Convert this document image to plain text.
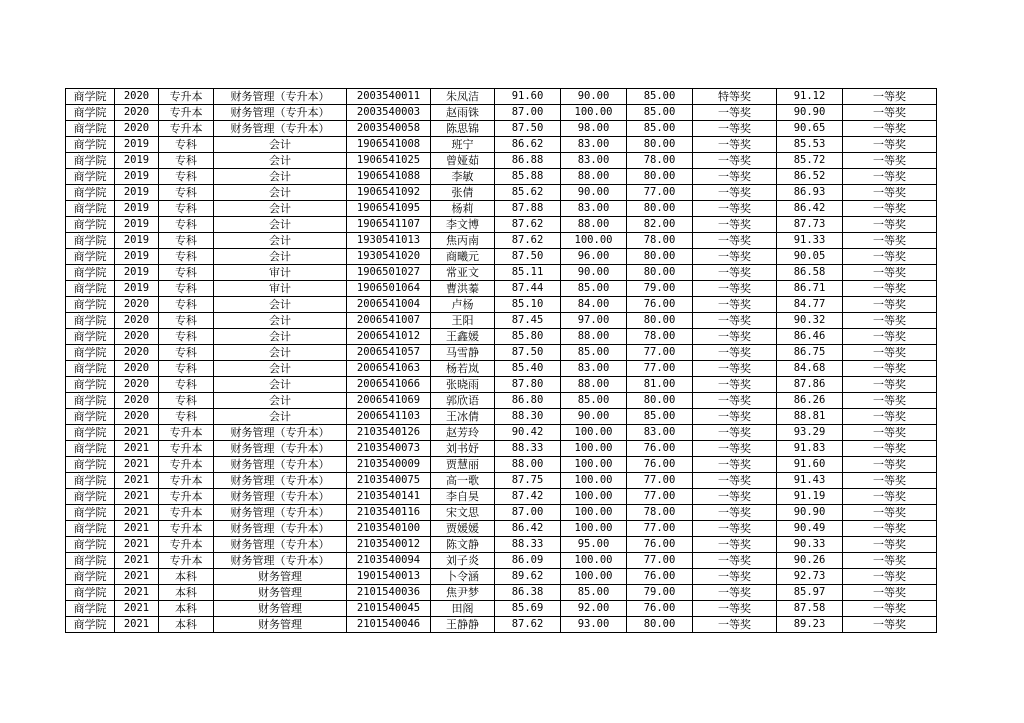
商学院	2020	专升本	财务管理（专升本）	2003540011	朱凤洁	91.60	90.00	85.00	特等奖	91.12	一等奖
商学院	2020	专升本	财务管理（专升本）	2003540003	赵雨铢	87.00	100.00	85.00	一等奖	90.90	一等奖
商学院	2020	专升本	财务管理（专升本）	2003540058	陈思锦	87.50	98.00	85.00	一等奖	90.65	一等奖
商学院	2019	专科	会计	1906541008	班宁	86.62	83.00	80.00	一等奖	85.53	一等奖
商学院	2019	专科	会计	1906541025	曾娅茹	86.88	83.00	78.00	一等奖	85.72	一等奖
商学院	2019	专科	会计	1906541088	李敏	85.88	88.00	80.00	一等奖	86.52	一等奖
商学院	2019	专科	会计	1906541092	张倩	85.62	90.00	77.00	一等奖	86.93	一等奖
商学院	2019	专科	会计	1906541095	杨莉	87.88	83.00	80.00	一等奖	86.42	一等奖
商学院	2019	专科	会计	1906541107	李文博	87.62	88.00	82.00	一等奖	87.73	一等奖
商学院	2019	专科	会计	1930541013	焦丙南	87.62	100.00	78.00	一等奖	91.33	一等奖
商学院	2019	专科	会计	1930541020	商曦元	87.50	96.00	80.00	一等奖	90.05	一等奖
商学院	2019	专科	审计	1906501027	常亚文	85.11	90.00	80.00	一等奖	86.58	一等奖
商学院	2019	专科	审计	1906501064	曹洪蓁	87.44	85.00	79.00	一等奖	86.71	一等奖
商学院	2020	专科	会计	2006541004	卢杨	85.10	84.00	76.00	一等奖	84.77	一等奖
商学院	2020	专科	会计	2006541007	王阳	87.45	97.00	80.00	一等奖	90.32	一等奖
商学院	2020	专科	会计	2006541012	王鑫媛	85.80	88.00	78.00	一等奖	86.46	一等奖
商学院	2020	专科	会计	2006541057	马雪静	87.50	85.00	77.00	一等奖	86.75	一等奖
商学院	2020	专科	会计	2006541063	杨若岚	85.40	83.00	77.00	一等奖	84.68	一等奖
商学院	2020	专科	会计	2006541066	张晓雨	87.80	88.00	81.00	一等奖	87.86	一等奖
商学院	2020	专科	会计	2006541069	郭欣语	86.80	85.00	80.00	一等奖	86.26	一等奖
商学院	2020	专科	会计	2006541103	王冰倩	88.30	90.00	85.00	一等奖	88.81	一等奖
商学院	2021	专升本	财务管理（专升本）	2103540126	赵芳玲	90.42	100.00	83.00	一等奖	93.29	一等奖
商学院	2021	专升本	财务管理（专升本）	2103540073	刘书妤	88.33	100.00	76.00	一等奖	91.83	一等奖
商学院	2021	专升本	财务管理（专升本）	2103540009	贾慧丽	88.00	100.00	76.00	一等奖	91.60	一等奖
商学院	2021	专升本	财务管理（专升本）	2103540075	高一歌	87.75	100.00	77.00	一等奖	91.43	一等奖
商学院	2021	专升本	财务管理（专升本）	2103540141	李自昊	87.42	100.00	77.00	一等奖	91.19	一等奖
商学院	2021	专升本	财务管理（专升本）	2103540116	宋文思	87.00	100.00	78.00	一等奖	90.90	一等奖
商学院	2021	专升本	财务管理（专升本）	2103540100	贾媛媛	86.42	100.00	77.00	一等奖	90.49	一等奖
商学院	2021	专升本	财务管理（专升本）	2103540012	陈文静	88.33	95.00	76.00	一等奖	90.33	一等奖
商学院	2021	专升本	财务管理（专升本）	2103540094	刘子炎	86.09	100.00	77.00	一等奖	90.26	一等奖
商学院	2021	本科	财务管理	1901540013	卜令涵	89.62	100.00	76.00	一等奖	92.73	一等奖
商学院	2021	本科	财务管理	2101540036	焦尹梦	86.38	85.00	79.00	一等奖	85.97	一等奖
商学院	2021	本科	财务管理	2101540045	田阁	85.69	92.00	76.00	一等奖	87.58	一等奖
商学院	2021	本科	财务管理	2101540046	王静静	87.62	93.00	80.00	一等奖	89.23	一等奖
